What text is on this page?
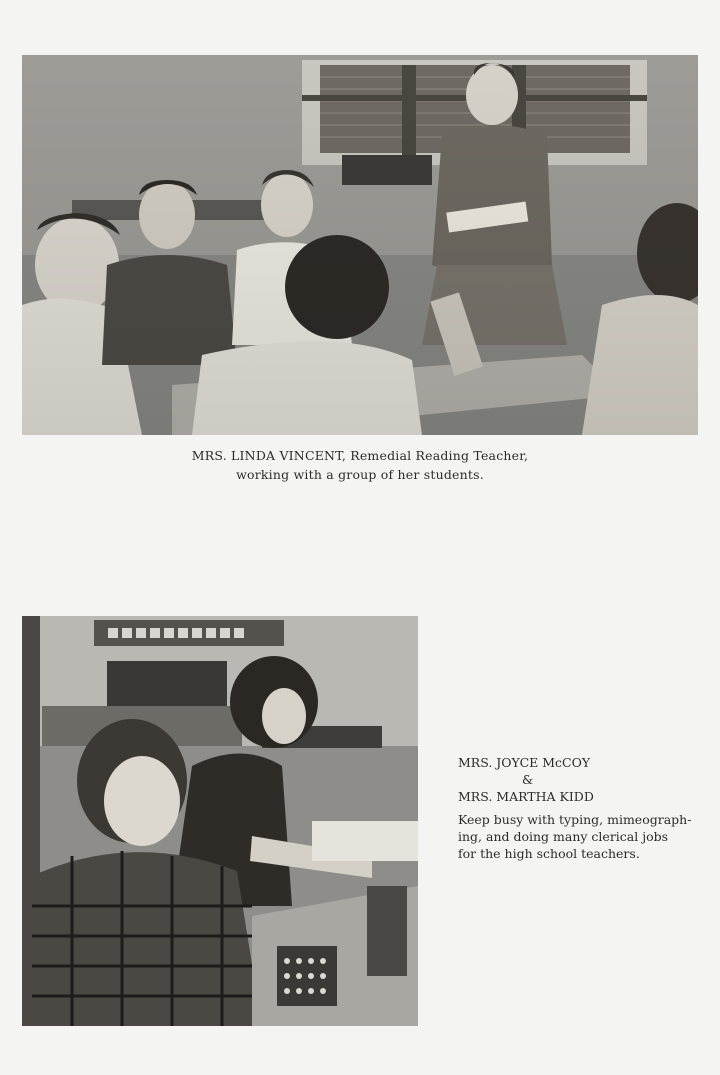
MRS. LINDA VINCENT, Remedial Reading Teacher,
working with a group of her students.
MRS. JOYCE McCOY
&
MRS. MARTHA KIDD
Keep busy with typing, mimeograph-
ing, and doing many clerical jobs
for the high school teachers.
